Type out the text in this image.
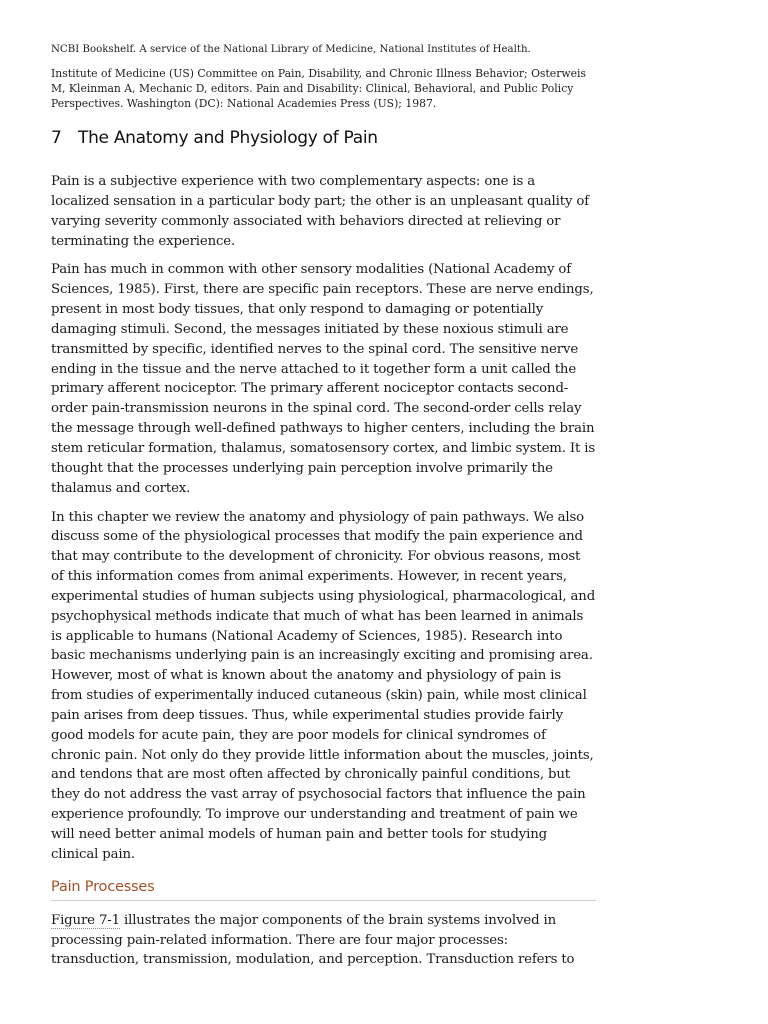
NCBI Bookshelf. A service of the National Library of Medicine, National Institutes of Health.
Institute of Medicine (US) Committee on Pain, Disability, and Chronic Illness Behavior; Osterweis M, Kleinman A, Mechanic D, editors. Pain and Disability: Clinical, Behavioral, and Public Policy Perspectives. Washington (DC): National Academies Press (US); 1987.
7 The Anatomy and Physiology of Pain

Pain is a subjective experience with two complementary aspects: one is a localized sensation in a particular body part; the other is an unpleasant quality of varying severity commonly associated with behaviors directed at relieving or terminating the experience.

Pain has much in common with other sensory modalities (National Academy of Sciences, 1985). First, there are specific pain receptors. These are nerve endings, present in most body tissues, that only respond to damaging or potentially damaging stimuli. Second, the messages initiated by these noxious stimuli are transmitted by specific, identified nerves to the spinal cord. The sensitive nerve ending in the tissue and the nerve attached to it together form a unit called the primary afferent nociceptor. The primary afferent nociceptor contacts second-order pain-transmission neurons in the spinal cord. The second-order cells relay the message through well-defined pathways to higher centers, including the brain stem reticular formation, thalamus, somatosensory cortex, and limbic system. It is thought that the processes underlying pain perception involve primarily the thalamus and cortex.

In this chapter we review the anatomy and physiology of pain pathways. We also discuss some of the physiological processes that modify the pain experience and that may contribute to the development of chronicity. For obvious reasons, most of this information comes from animal experiments. However, in recent years, experimental studies of human subjects using physiological, pharmacological, and psychophysical methods indicate that much of what has been learned in animals is applicable to humans (National Academy of Sciences, 1985). Research into basic mechanisms underlying pain is an increasingly exciting and promising area. However, most of what is known about the anatomy and physiology of pain is from studies of experimentally induced cutaneous (skin) pain, while most clinical pain arises from deep tissues. Thus, while experimental studies provide fairly good models for acute pain, they are poor models for clinical syndromes of chronic pain. Not only do they provide little information about the muscles, joints, and tendons that are most often affected by chronically painful conditions, but they do not address the vast array of psychosocial factors that influence the pain experience profoundly. To improve our understanding and treatment of pain we will need better animal models of human pain and better tools for studying clinical pain.

Pain Processes

Figure 7-1 illustrates the major components of the brain systems involved in processing pain-related information. There are four major processes: transduction, transmission, modulation, and perception. Transduction refers to
